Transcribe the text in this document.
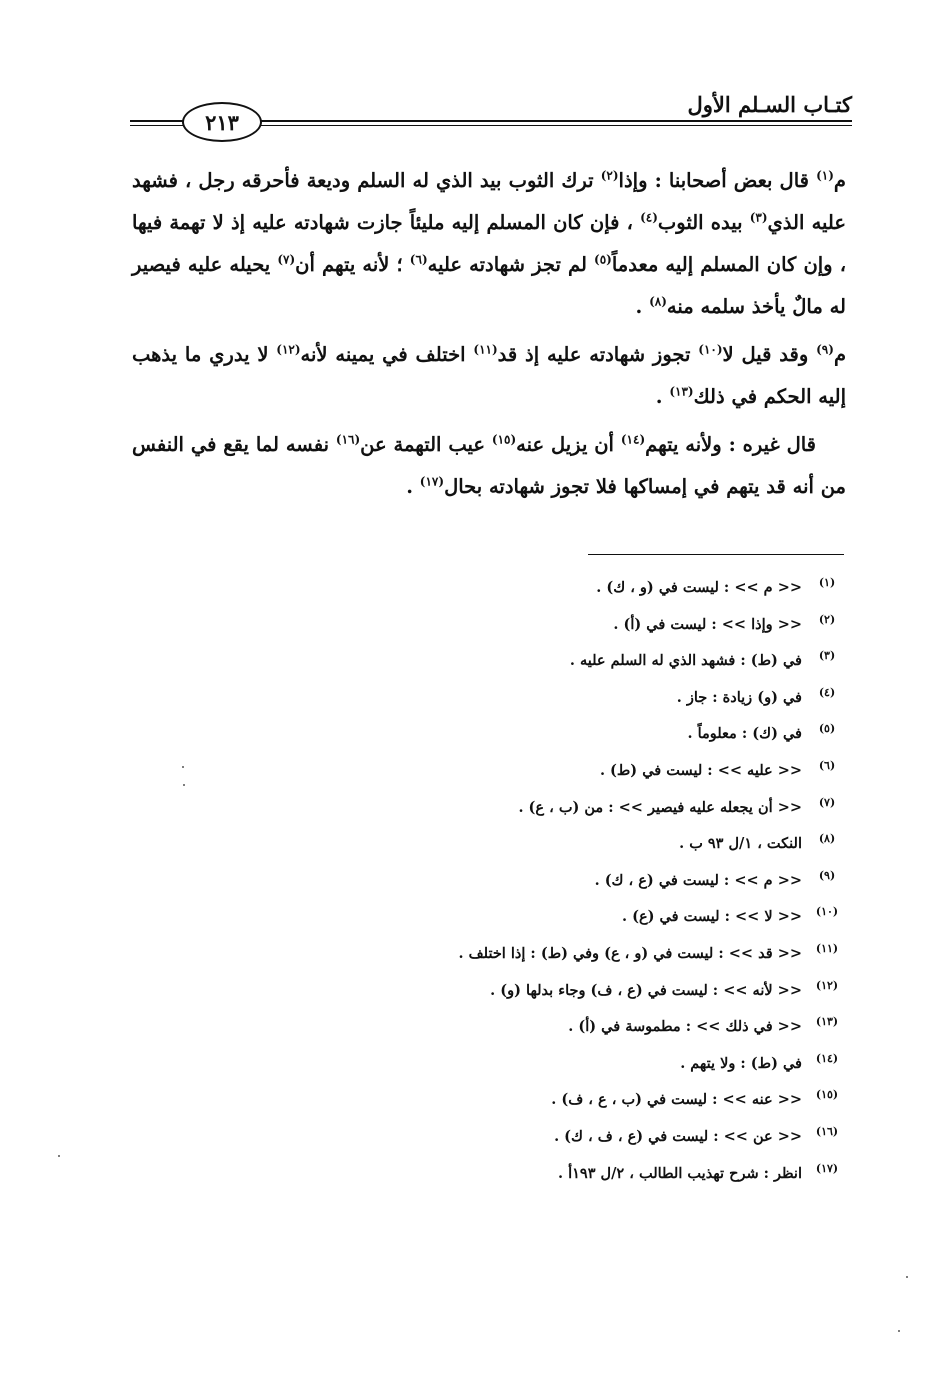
كتـاب السـلم الأول
٢١٣

م$^{(١)}$ قال بعض أصحابنا : وإذا$^{(٢)}$ ترك الثوب بيد الذي له السلم وديعة فأحرقه رجل ، فشهد عليه الذي$^{(٣)}$ بيده الثوب$^{(٤)}$ ، فإن كان المسلم إليه مليئاً جازت شهادته عليه إذ لا تهمة فيها ، وإن كان المسلم إليه معدماً$^{(٥)}$ لم تجز شهادته عليه$^{(٦)}$ ؛ لأنه يتهم أن$^{(٧)}$ يحيله عليه فيصير له مالٌ يأخذ سلمه منه$^{(٨)}$ .

م$^{(٩)}$ وقد قيل لا$^{(١٠)}$ تجوز شهادته عليه إذ قد$^{(١١)}$ اختلف في يمينه لأنه$^{(١٢)}$ لا يدري ما يذهب إليه الحكم في ذلك$^{(١٣)}$ .

قال غيره : ولأنه يتهم$^{(١٤)}$ أن يزيل عنه$^{(١٥)}$ عيب التهمة عن$^{(١٦)}$ نفسه لما يقع في النفس من أنه قد يتهم في إمساكها فلا تجوز شهادته بحال$^{(١٧)}$ .

(١)
<< م >> : ليست في (و ، ك) .
(٢)
<< وإذا >> : ليست في (أ) .
(٣)
في (ط) : فشهد الذي له السلم عليه .
(٤)
في (و) زيادة : جاز .
(٥)
في (ك) : معلوماً .
(٦)
<< عليه >> : ليست في (ط) .
(٧)
<< أن يجعله عليه فيصير >> : من (ب ، ع) .
(٨)
النكت ، ١/ل ٩٣ ب .
(٩)
<< م >> : ليست في (ع ، ك) .
(١٠)
<< لا >> : ليست في (ع) .
(١١)
<< قد >> : ليست في (و ، ع) وفي (ط) : إذا اختلف .
(١٢)
<< لأنه >> : ليست في (ع ، ف) وجاء بدلها (و) .
(١٣)
<< في ذلك >> : مطموسة في (أ) .
(١٤)
في (ط) : ولا يتهم .
(١٥)
<< عنه >> : ليست في (ب ، ع ، ف) .
(١٦)
<< عن >> : ليست في (ع ، ف ، ك) .
(١٧)
انظر : شرح تهذيب الطالب ، ٢/ل ١٩٣أ .
